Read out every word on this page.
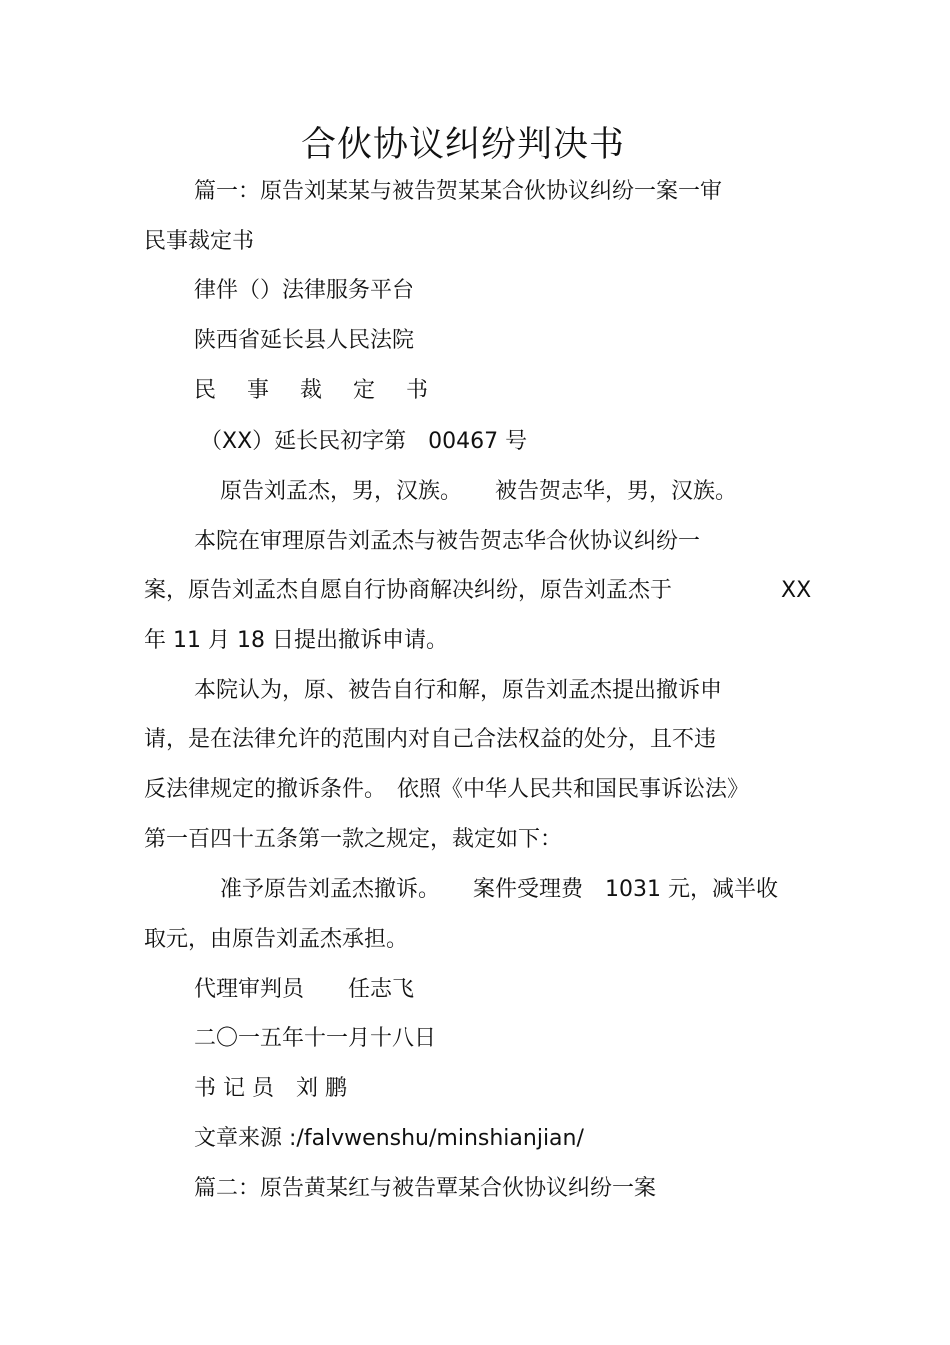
合伙协议纠纷判决书
篇一：原告刘某某与被告贺某某合伙协议纠纷一案一审
民事裁定书
律伴（）法律服务平台
陕西省延长县人民法院
民 事 裁 定 书
（XX）延长民初字第　00467 号
原告刘孟杰，男，汉族。　　被告贺志华，男，汉族。
本院在审理原告刘孟杰与被告贺志华合伙协议纠纷一
案，原告刘孟杰自愿自行协商解决纠纷，原告刘孟杰于	XX
年 11 月 18 日提出撤诉申请。
本院认为，原、被告自行和解，原告刘孟杰提出撤诉申
请，是在法律允许的范围内对自己合法权益的处分，且不违
反法律规定的撤诉条件。　依照《中华人民共和国民事诉讼法》
第一百四十五条第一款之规定，裁定如下：
准予原告刘孟杰撤诉。　　案件受理费　1031 元，减半收
取元，由原告刘孟杰承担。
代理审判员　　任志飞
二〇一五年十一月十八日
书 记 员　刘 鹏
文章来源 :/falvwenshu/minshianjian/
篇二：原告黄某红与被告覃某合伙协议纠纷一案
